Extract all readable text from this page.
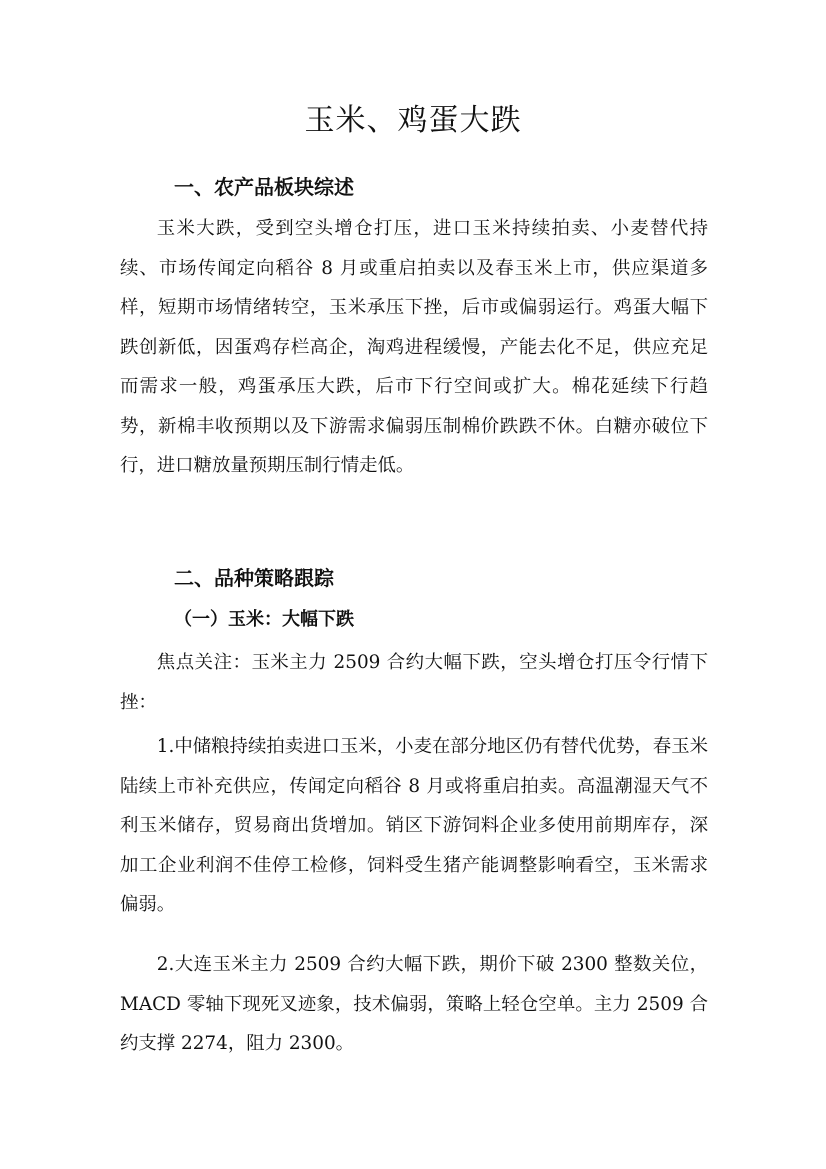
玉米、鸡蛋大跌
一、农产品板块综述

玉米大跌，受到空头增仓打压，进口玉米持续拍卖、小麦替代持续、市场传闻定向稻谷 8 月或重启拍卖以及春玉米上市，供应渠道多样，短期市场情绪转空，玉米承压下挫，后市或偏弱运行。鸡蛋大幅下跌创新低，因蛋鸡存栏高企，淘鸡进程缓慢，产能去化不足，供应充足而需求一般，鸡蛋承压大跌，后市下行空间或扩大。棉花延续下行趋势，新棉丰收预期以及下游需求偏弱压制棉价跌跌不休。白糖亦破位下行，进口糖放量预期压制行情走低。

二、品种策略跟踪
（一）玉米：大幅下跌

焦点关注：玉米主力 2509 合约大幅下跌，空头增仓打压令行情下挫：

1.中储粮持续拍卖进口玉米，小麦在部分地区仍有替代优势，春玉米陆续上市补充供应，传闻定向稻谷 8 月或将重启拍卖。高温潮湿天气不利玉米储存，贸易商出货增加。销区下游饲料企业多使用前期库存，深加工企业利润不佳停工检修，饲料受生猪产能调整影响看空，玉米需求偏弱。

2.大连玉米主力 2509 合约大幅下跌，期价下破 2300 整数关位，MACD 零轴下现死叉迹象，技术偏弱，策略上轻仓空单。主力 2509 合约支撑 2274，阻力 2300。
